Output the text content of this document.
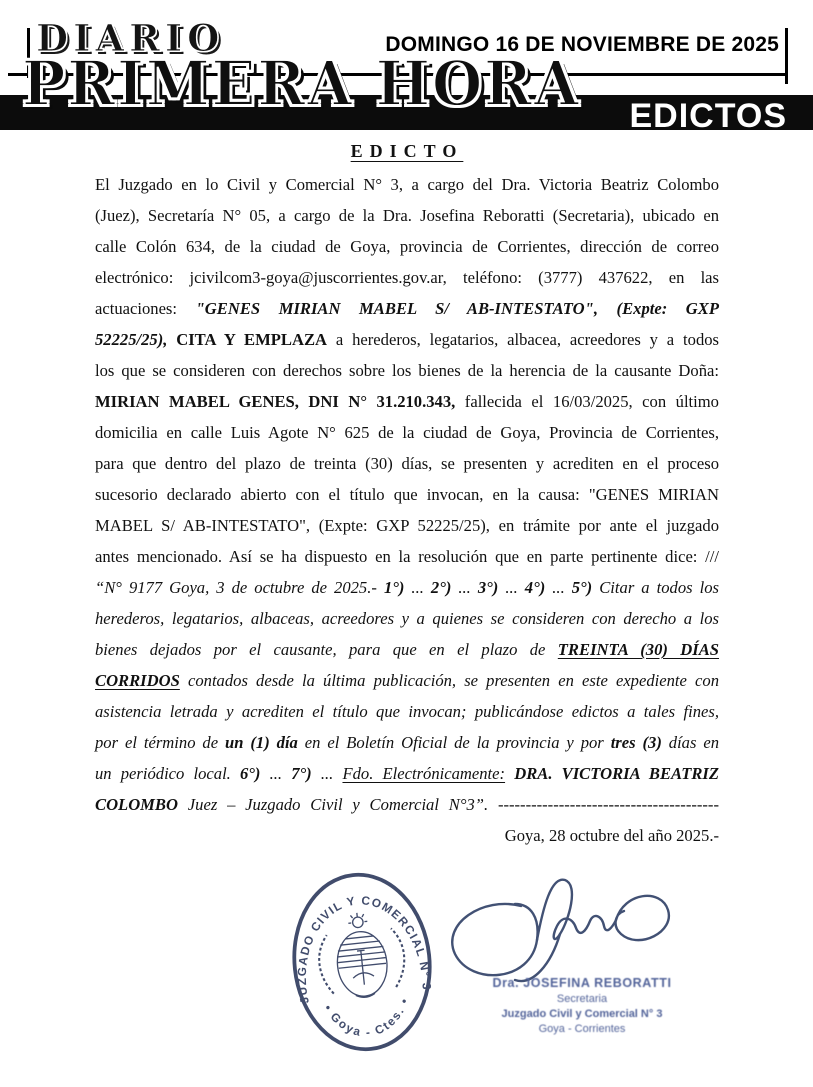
EDICTOS
DIARIO	DOMINGO 16 DE NOVIEMBRE DE 2025
PRIMERA HORA
EDICTO
El Juzgado en lo Civil y Comercial N° 3, a cargo del Dra. Victoria Beatriz Colombo
(Juez), Secretaría N° 05, a cargo de la Dra. Josefina Reboratti (Secretaria), ubicado en
calle Colón 634, de la ciudad de Goya, provincia de Corrientes, dirección de correo
electrónico: jcivilcom3-goya@juscorrientes.gov.ar, teléfono: (3777) 437622, en las
actuaciones: "GENES MIRIAN MABEL S/ AB-INTESTATO", (Expte: GXP
52225/25), CITA Y EMPLAZA a herederos, legatarios, albacea, acreedores y a todos
los que se consideren con derechos sobre los bienes de la herencia de la causante Doña:
MIRIAN MABEL GENES, DNI N° 31.210.343, fallecida el 16/03/2025, con último
domicilia en calle Luis Agote N° 625 de la ciudad de Goya, Provincia de Corrientes,
para que dentro del plazo de treinta (30) días, se presenten y acrediten en el proceso
sucesorio declarado abierto con el título que invocan, en la causa: "GENES MIRIAN
MABEL S/ AB-INTESTATO", (Expte: GXP 52225/25), en trámite por ante el juzgado
antes mencionado. Así se ha dispuesto en la resolución que en parte pertinente dice: ///
“N° 9177 Goya, 3 de octubre de 2025.- 1°) ... 2°) ... 3°) ... 4°) ... 5°) Citar a todos los
herederos, legatarios, albaceas, acreedores y a quienes se consideren con derecho a los
bienes dejados por el causante, para que en el plazo de TREINTA (30) DÍAS
CORRIDOS contados desde la última publicación, se presenten en este expediente con
asistencia letrada y acrediten el título que invocan; publicándose edictos a tales fines,
por el término de un (1) día en el Boletín Oficial de la provincia y por tres (3) días en
un periódico local. 6°) ... 7°) ... Fdo. Electrónicamente: DRA. VICTORIA BEATRIZ
COLOMBO Juez – Juzgado Civil y Comercial N°3”. ----------------------------------------
Goya, 28 octubre del año 2025.-
JUZGADO CIVIL Y COMERCIAL N° 3
• Goya - Ctes. •
Dra. JOSEFINA REBORATTI
Secretaria
Juzgado Civil y Comercial N° 3
Goya - Corrientes
